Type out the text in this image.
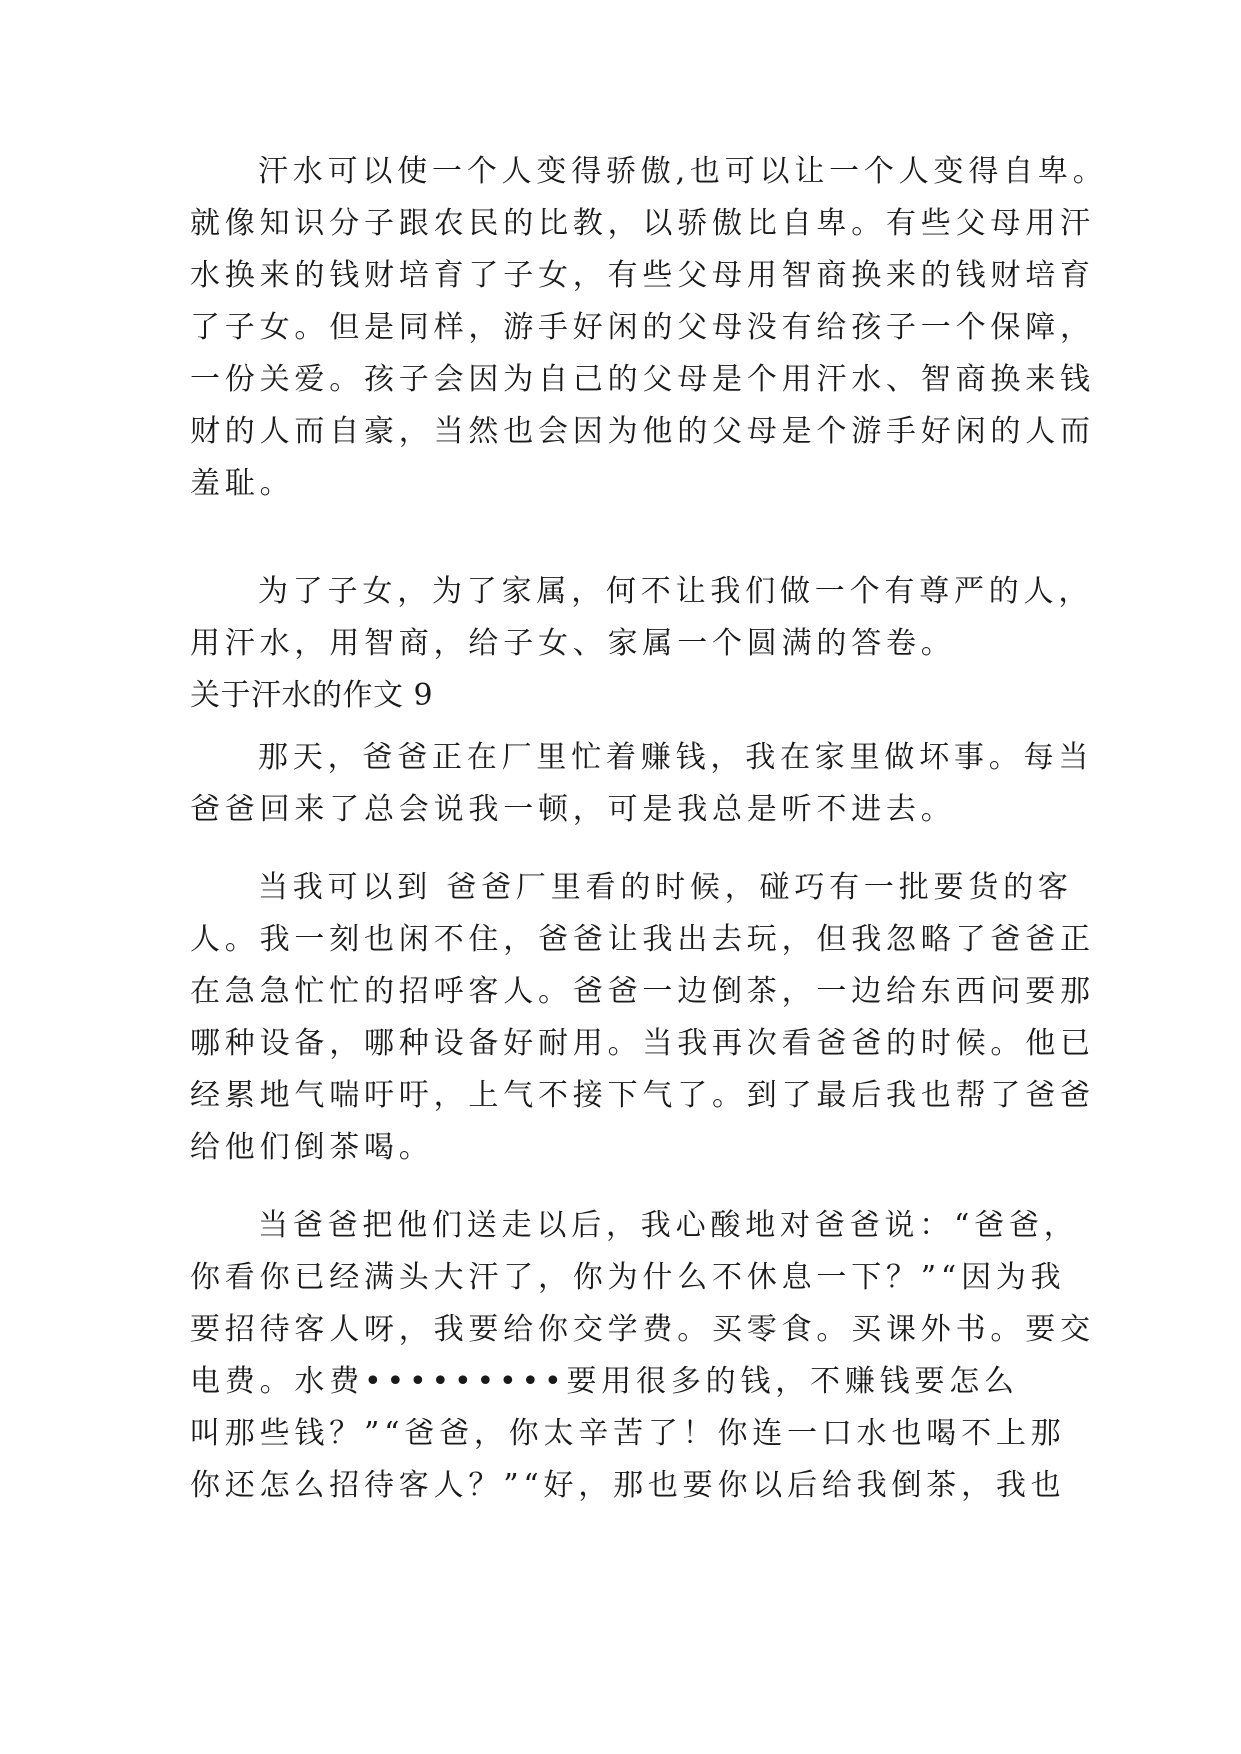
汗水可以使一个人变得骄傲,也可以让一个人变得自卑。
就像知识分子跟农民的比教，以骄傲比自卑。有些父母用汗
水换来的钱财培育了子女，有些父母用智商换来的钱财培育
了子女。但是同样，游手好闲的父母没有给孩子一个保障，
一份关爱。孩子会因为自己的父母是个用汗水、智商换来钱
财的人而自豪，当然也会因为他的父母是个游手好闲的人而
羞耻。
为了子女，为了家属，何不让我们做一个有尊严的人，
用汗水，用智商，给子女、家属一个圆满的答卷。
关于汗水的作文 9
那天，爸爸正在厂里忙着赚钱，我在家里做坏事。每当
爸爸回来了总会说我一顿，可是我总是听不进去。
当我可以到 爸爸厂里看的时候，碰巧有一批要货的客
人。我一刻也闲不住，爸爸让我出去玩，但我忽略了爸爸正
在急急忙忙的招呼客人。爸爸一边倒茶，一边给东西问要那
哪种设备，哪种设备好耐用。当我再次看爸爸的时候。他已
经累地气喘吁吁，上气不接下气了。到了最后我也帮了爸爸
给他们倒茶喝。
当爸爸把他们送走以后，我心酸地对爸爸说：“爸爸，
你看你已经满头大汗了，你为什么不休息一下？”“因为我
要招待客人呀，我要给你交学费。买零食。买课外书。要交
电费。水费•••••••••要用很多的钱，不赚钱要怎么
叫那些钱？”“爸爸，你太辛苦了！你连一口水也喝不上那
你还怎么招待客人？”“好，那也要你以后给我倒茶，我也
